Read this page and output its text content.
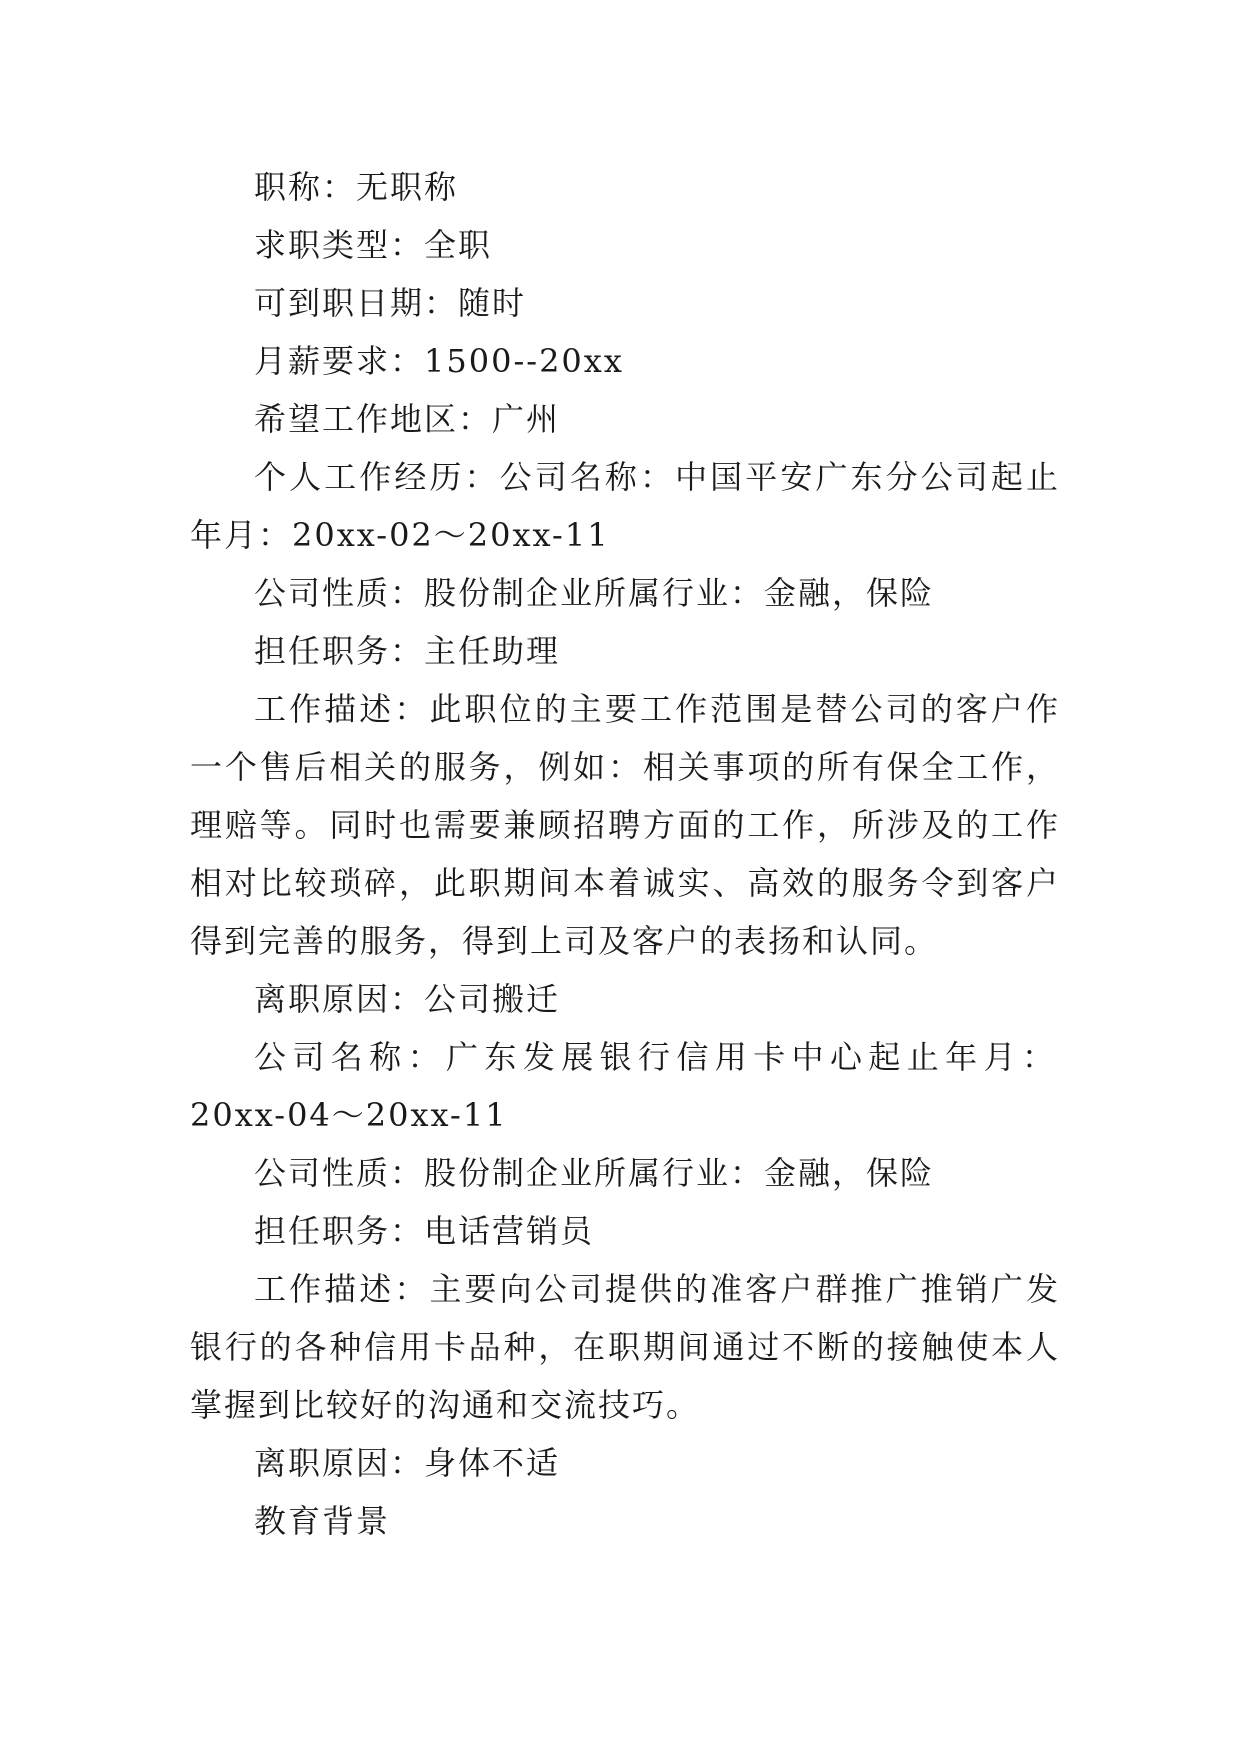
职称：无职称

求职类型：全职

可到职日期：随时

月薪要求：1500--20xx

希望工作地区：广州

个人工作经历：公司名称：中国平安广东分公司起止年月：20xx-02～20xx-11

公司性质：股份制企业所属行业：金融，保险

担任职务：主任助理

工作描述：此职位的主要工作范围是替公司的客户作一个售后相关的服务，例如：相关事项的所有保全工作，理赔等。同时也需要兼顾招聘方面的工作，所涉及的工作相对比较琐碎，此职期间本着诚实、高效的服务令到客户得到完善的服务，得到上司及客户的表扬和认同。

离职原因：公司搬迁

公司名称：广东发展银行信用卡中心起止年月：

20xx-04～20xx-11

公司性质：股份制企业所属行业：金融，保险

担任职务：电话营销员

工作描述：主要向公司提供的准客户群推广推销广发银行的各种信用卡品种，在职期间通过不断的接触使本人掌握到比较好的沟通和交流技巧。

离职原因：身体不适

教育背景
